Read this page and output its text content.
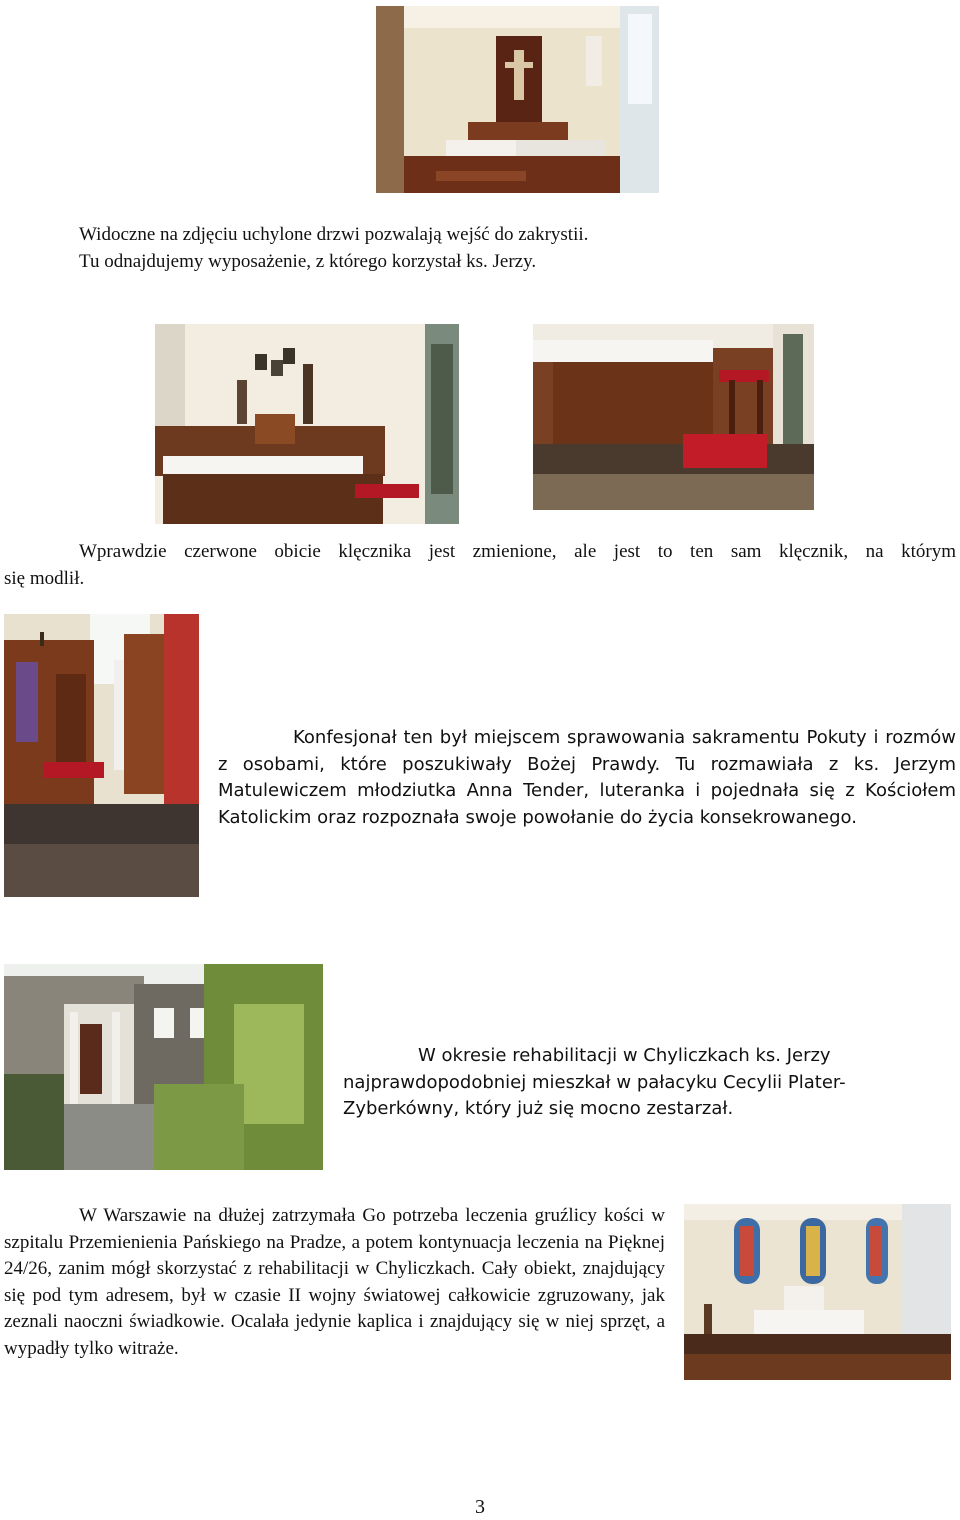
Widoczne na zdjęciu uchylone drzwi pozwalają wejść do zakrystii.
Tu odnajdujemy wyposażenie, z którego korzystał ks. Jerzy.

Wprawdzie czerwone obicie klęcznika jest zmienione, ale jest to ten sam klęcznik, na którym
się modlił.

Konfesjonał ten był miejscem sprawowania sakramentu Pokuty i rozmów z osobami, które poszukiwały Bożej Prawdy. Tu rozmawiała z ks. Jerzym Matulewiczem młodziutka Anna Tender, luteranka i pojednała się z Kościołem Katolickim oraz rozpoznała swoje powołanie do życia konsekrowanego.

W okresie rehabilitacji w Chyliczkach ks. Jerzy
najprawdopodobniej mieszkał w pałacyku Cecylii Plater-
Zyberkówny, który już się mocno zestarzał.

W Warszawie na dłużej zatrzymała Go potrzeba leczenia gruźlicy kości w szpitalu Przemienienia Pańskiego na Pradze, a potem kontynuacja leczenia na Pięknej 24/26, zanim mógł skorzystać z rehabilitacji w Chyliczkach. Cały obiekt, znajdujący się pod tym adresem, był w czasie II wojny światowej całkowicie zgruzowany, jak zeznali naoczni świadkowie. Ocalała jedynie kaplica i znajdujący się w niej sprzęt, a wypadły tylko witraże.

3
